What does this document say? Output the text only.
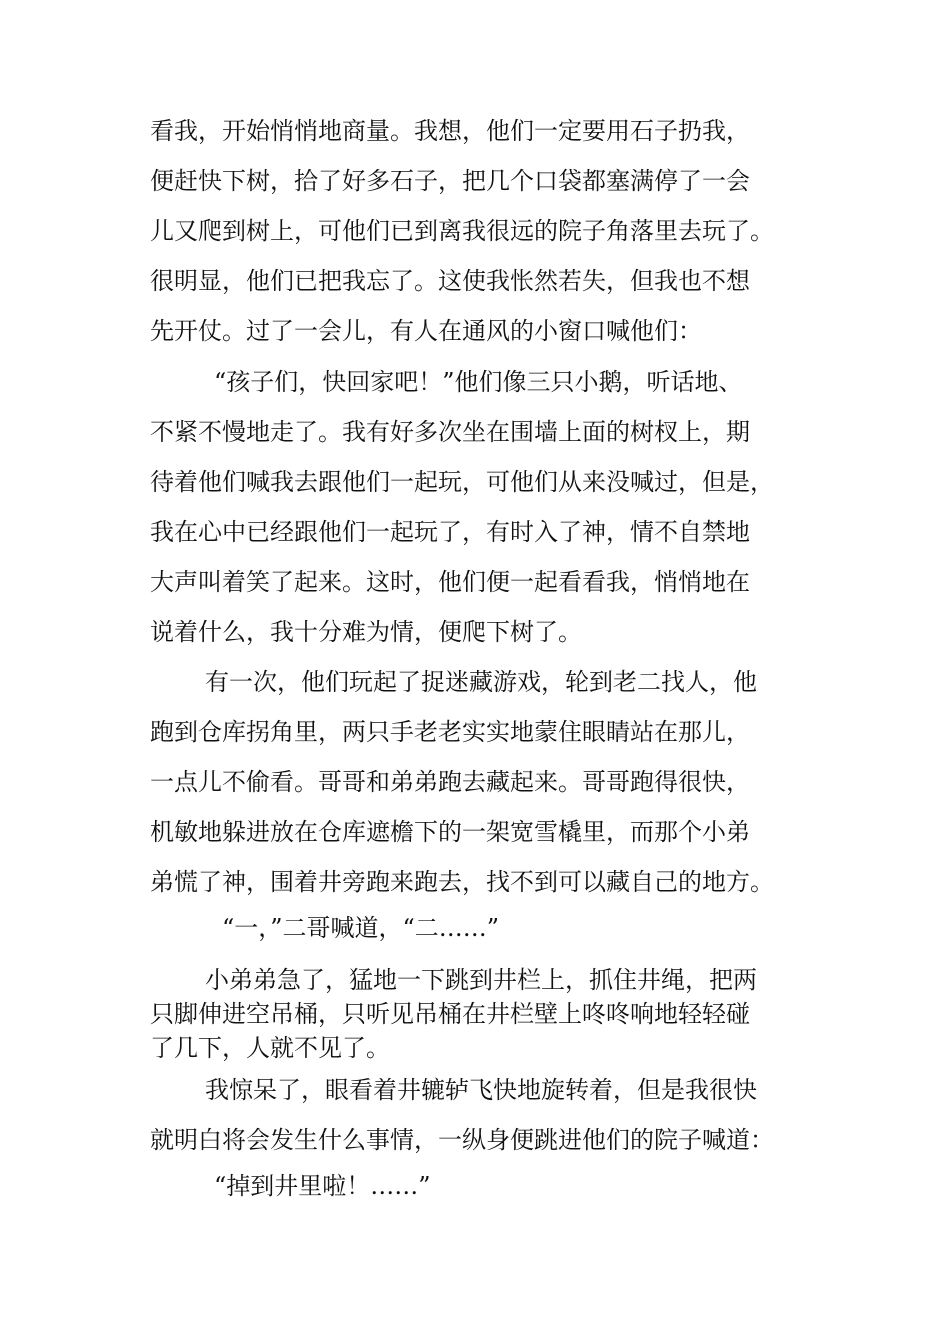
看我，开始悄悄地商量。我想，他们一定要用石子扔我，

便赶快下树，拾了好多石子，把几个口袋都塞满停了一会

儿又爬到树上，可他们已到离我很远的院子角落里去玩了。

很明显，他们已把我忘了。这使我怅然若失，但我也不想

先开仗。过了一会儿，有人在通风的小窗口喊他们：

“孩子们，快回家吧！”他们像三只小鹅，听话地、

不紧不慢地走了。我有好多次坐在围墙上面的树杈上，期

待着他们喊我去跟他们一起玩，可他们从来没喊过，但是，

我在心中已经跟他们一起玩了，有时入了神，情不自禁地

大声叫着笑了起来。这时，他们便一起看看我，悄悄地在

说着什么，我十分难为情，便爬下树了。

有一次，他们玩起了捉迷藏游戏，轮到老二找人，他

跑到仓库拐角里，两只手老老实实地蒙住眼睛站在那儿，

一点儿不偷看。哥哥和弟弟跑去藏起来。哥哥跑得很快，

机敏地躲进放在仓库遮檐下的一架宽雪橇里，而那个小弟

弟慌了神，围着井旁跑来跑去，找不到可以藏自己的地方。

“一，”二哥喊道，“二……”

小弟弟急了，猛地一下跳到井栏上，抓住井绳，把两

只脚伸进空吊桶，只听见吊桶在井栏壁上咚咚响地轻轻碰

了几下，人就不见了。

我惊呆了，眼看着井辘轳飞快地旋转着，但是我很快

就明白将会发生什么事情，一纵身便跳进他们的院子喊道：

“掉到井里啦！……”
